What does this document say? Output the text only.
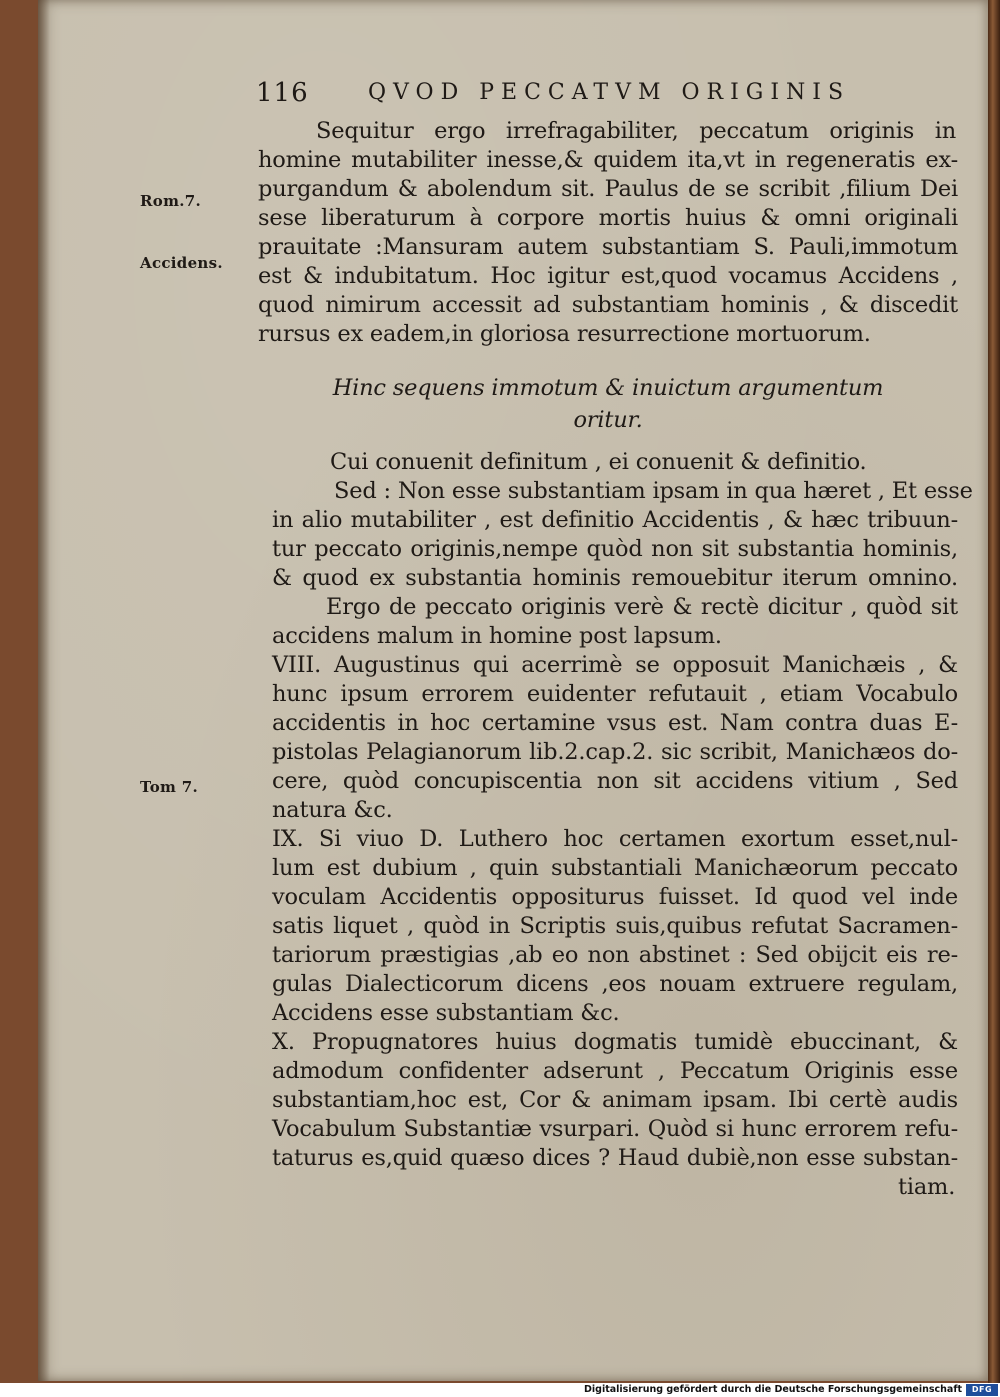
116	QVOD PECCATVM ORIGINIS
Rom.7.
Accidens.
Tom 7.
Sequitur ergo irrefragabiliter, peccatum originis in
homine mutabiliter inesse,& quidem ita,vt in regeneratis ex-
purgandum & abolendum sit. Paulus de se scribit ,filium Dei
sese liberaturum à corpore mortis huius & omni originali
prauitate :Mansuram autem substantiam S. Pauli,immotum
est & indubitatum. Hoc igitur est,quod vocamus Accidens ,
quod nimirum accessit ad substantiam hominis , & discedit
rursus ex eadem,in gloriosa resurrectione mortuorum.
Hinc sequens immotum & inuictum argumentum
oritur.
Cui conuenit definitum , ei conuenit & definitio.
Sed : Non esse substantiam ipsam in qua hæret , Et esse
in alio mutabiliter , est definitio Accidentis , & hæc tribuun-
tur peccato originis,nempe quòd non sit substantia hominis,
& quod ex substantia hominis remouebitur iterum omnino.
Ergo de peccato originis verè & rectè dicitur , quòd sit
accidens malum in homine post lapsum.
VIII. Augustinus qui acerrimè se opposuit Manichæis , &
hunc ipsum errorem euidenter refutauit , etiam Vocabulo
accidentis in hoc certamine vsus est. Nam contra duas E-
pistolas Pelagianorum lib.2.cap.2. sic scribit, Manichæos do-
cere, quòd concupiscentia non sit accidens vitium , Sed
natura &c.
IX. Si viuo D. Luthero hoc certamen exortum esset,nul-
lum est dubium , quin substantiali Manichæorum peccato
voculam Accidentis oppositurus fuisset. Id quod vel inde
satis liquet , quòd in Scriptis suis,quibus refutat Sacramen-
tariorum præstigias ,ab eo non abstinet : Sed obijcit eis re-
gulas Dialecticorum dicens ,eos nouam extruere regulam,
Accidens esse substantiam &c.
X. Propugnatores huius dogmatis tumidè ebuccinant, &
admodum confidenter adserunt , Peccatum Originis esse
substantiam,hoc est, Cor & animam ipsam. Ibi certè audis
Vocabulum Substantiæ vsurpari. Quòd si hunc errorem refu-
taturus es,quid quæso dices ? Haud dubiè,non esse substan-
tiam.
Digitalisierung gefördert durch die Deutsche Forschungsgemeinschaft	DFG
